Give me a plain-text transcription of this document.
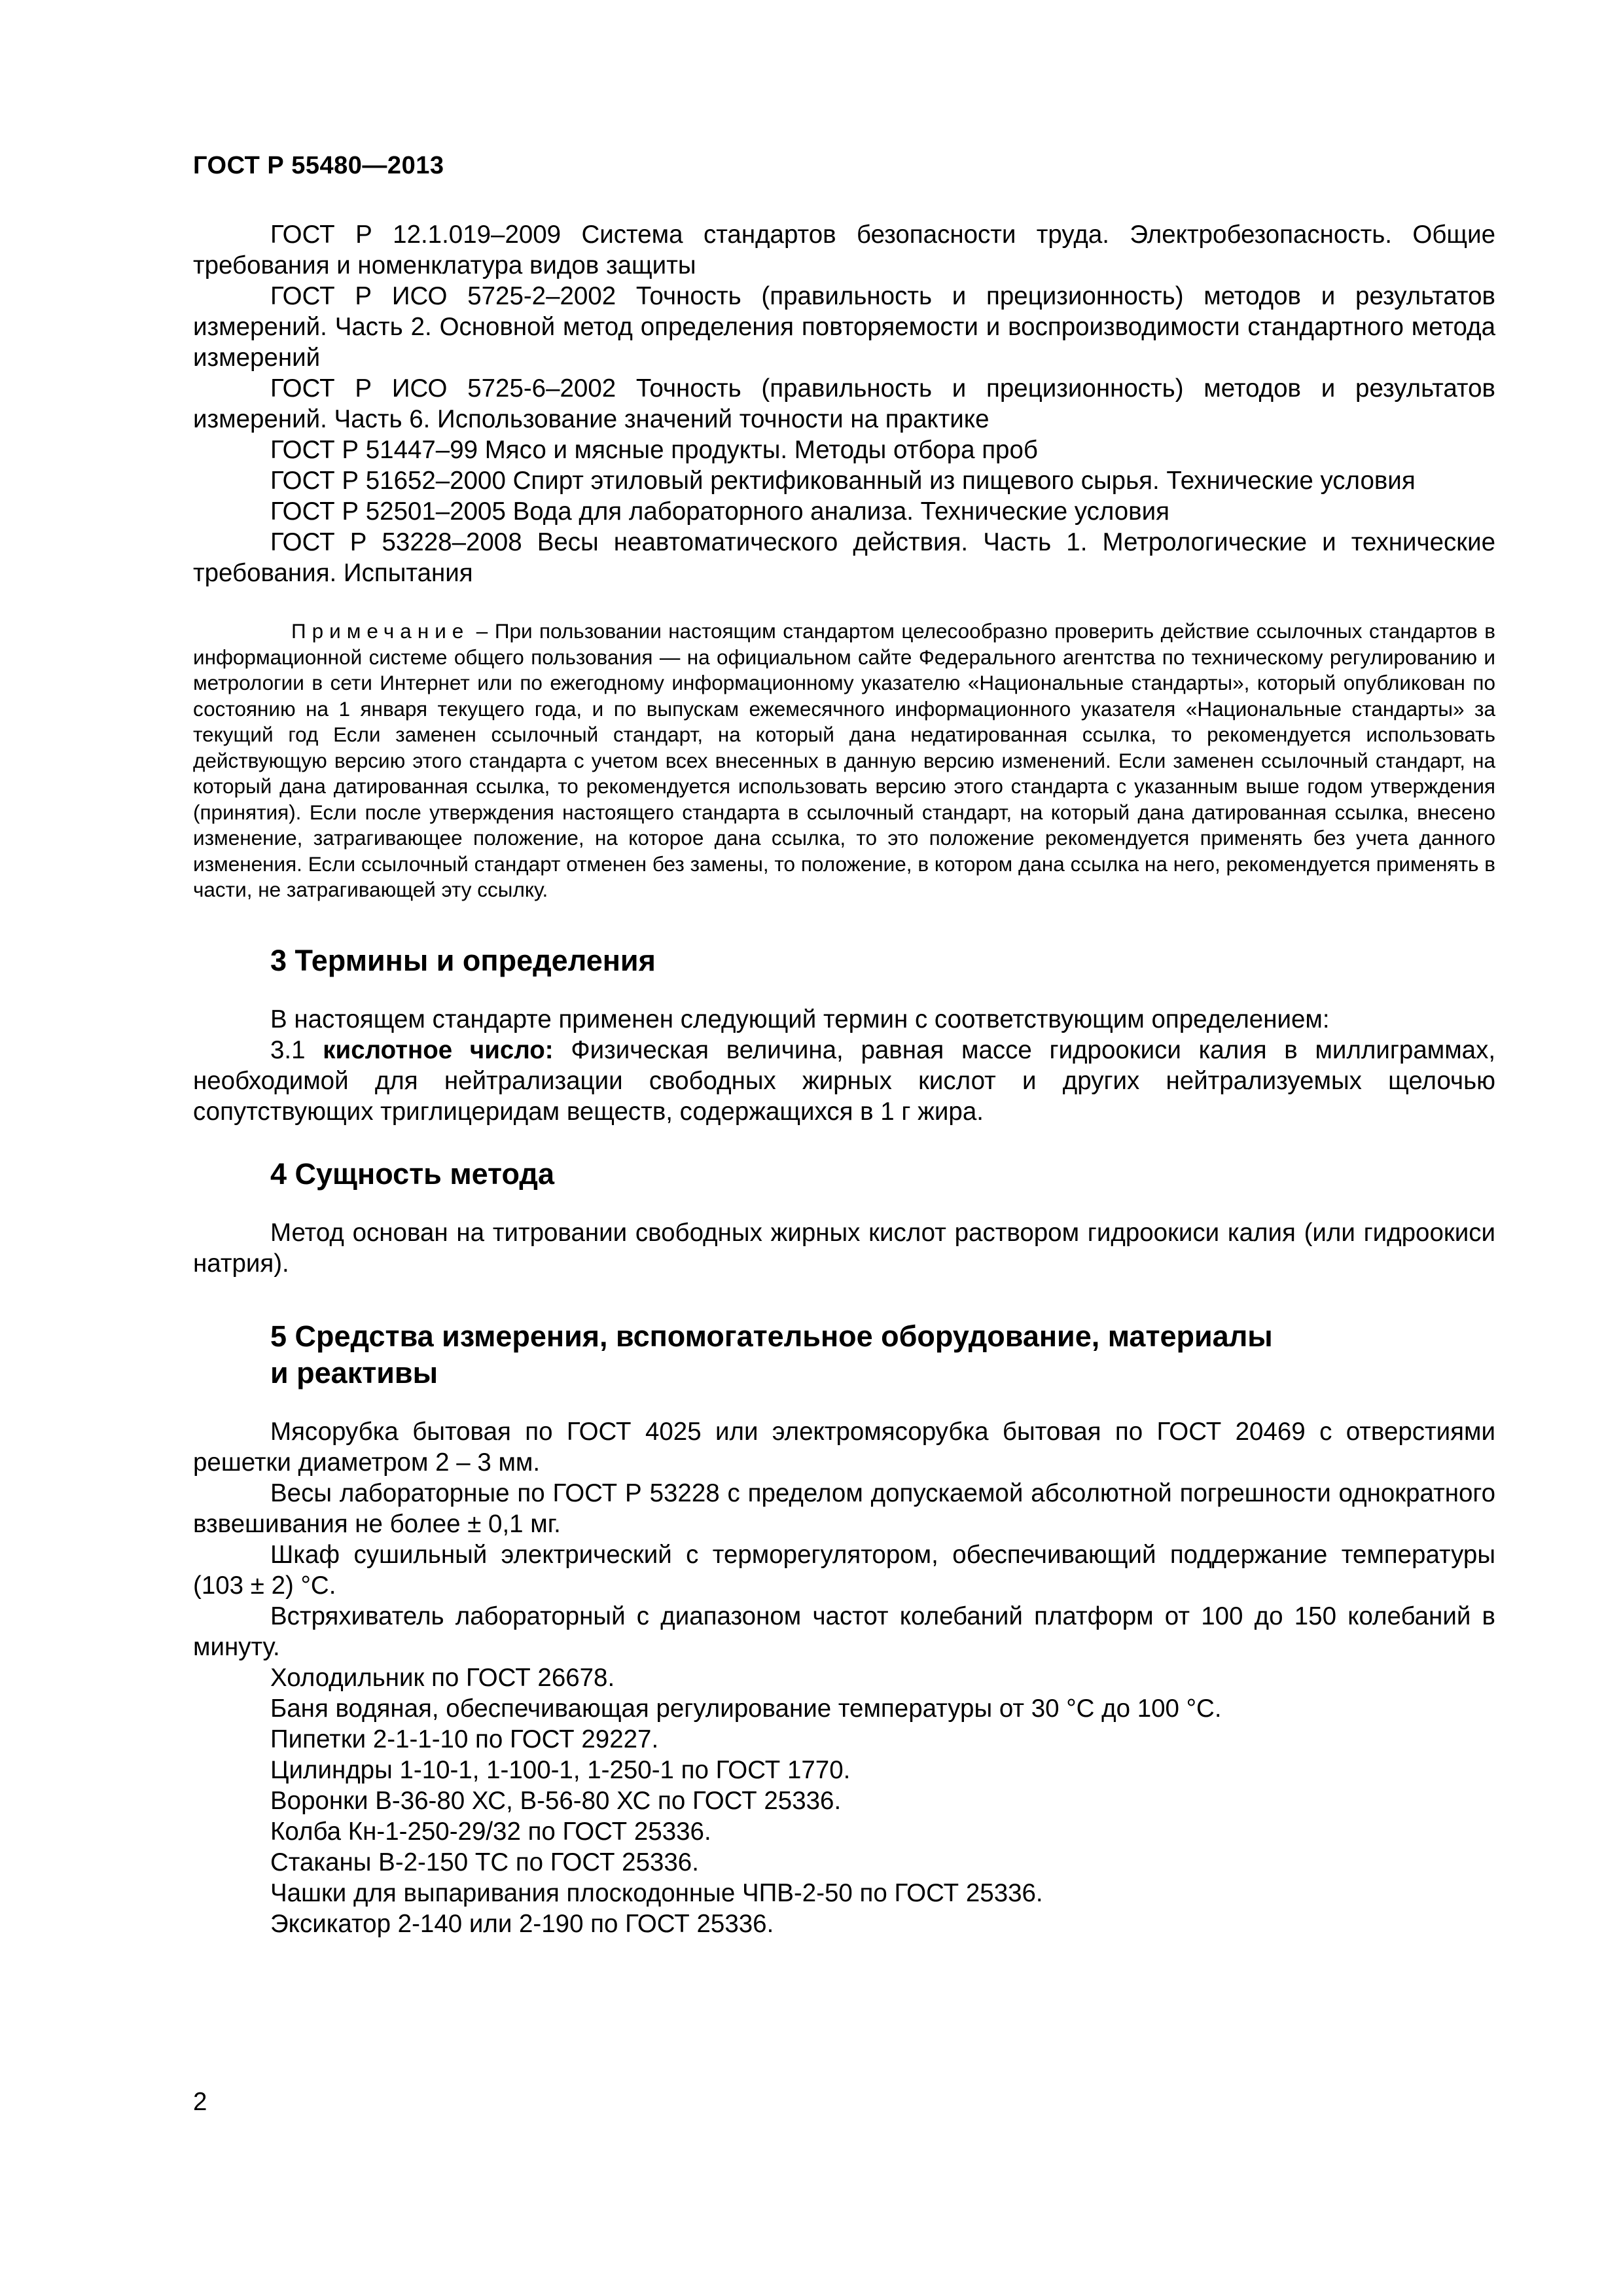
ГОСТ Р 55480—2013

ГОСТ Р 12.1.019–2009 Система стандартов безопасности труда. Электробезопасность. Общие требования и номенклатура видов защиты

ГОСТ Р ИСО 5725-2–2002 Точность (правильность и прецизионность) методов и результатов измерений. Часть 2. Основной метод определения повторяемости и воспроизводимости стандартного метода измерений

ГОСТ Р ИСО 5725-6–2002 Точность (правильность и прецизионность) методов и результатов измерений. Часть 6. Использование значений точности на практике

ГОСТ Р 51447–99 Мясо и мясные продукты. Методы отбора проб

ГОСТ Р 51652–2000 Спирт этиловый ректификованный из пищевого сырья. Технические условия

ГОСТ Р 52501–2005 Вода для лабораторного анализа. Технические условия

ГОСТ Р 53228–2008 Весы неавтоматического действия. Часть 1. Метрологические и технические требования. Испытания

Примечание – При пользовании настоящим стандартом целесообразно проверить действие ссылочных стандартов в информационной системе общего пользования — на официальном сайте Федерального агентства по техническому регулированию и метрологии в сети Интернет или по ежегодному информационному указателю «Национальные стандарты», который опубликован по состоянию на 1 января текущего года, и по выпускам ежемесячного информационного указателя «Национальные стандарты» за текущий год Если заменен ссылочный стандарт, на который дана недатированная ссылка, то рекомендуется использовать действующую версию этого стандарта с учетом всех внесенных в данную версию изменений. Если заменен ссылочный стандарт, на который дана датированная ссылка, то рекомендуется использовать версию этого стандарта с указанным выше годом утверждения (принятия). Если после утверждения настоящего стандарта в ссылочный стандарт, на который дана датированная ссылка, внесено изменение, затрагивающее положение, на которое дана ссылка, то это положение рекомендуется применять без учета данного изменения. Если ссылочный стандарт отменен без замены, то положение, в котором дана ссылка на него, рекомендуется применять в части, не затрагивающей эту ссылку.

3 Термины и определения

В настоящем стандарте применен следующий термин с соответствующим определением:

3.1 кислотное число: Физическая величина, равная массе гидроокиси калия в миллиграммах, необходимой для нейтрализации свободных жирных кислот и других нейтрализуемых щелочью сопутствующих триглицеридам веществ, содержащихся в 1 г жира.

4 Сущность метода

Метод основан на титровании свободных жирных кислот раствором гидроокиси калия (или гидроокиси натрия).

5 Средства измерения, вспомогательное оборудование, материалы
и реактивы

Мясорубка бытовая по ГОСТ 4025 или электромясорубка бытовая по ГОСТ 20469 с отверстиями решетки диаметром 2 – 3 мм.

Весы лабораторные по ГОСТ Р 53228 с пределом допускаемой абсолютной погрешности однократного взвешивания не более ± 0,1 мг.

Шкаф сушильный электрический с терморегулятором, обеспечивающий поддержание температуры (103 ± 2) °С.

Встряхиватель лабораторный с диапазоном частот колебаний платформ от 100 до 150 колебаний в минуту.

Холодильник по ГОСТ 26678.

Баня водяная, обеспечивающая регулирование температуры от 30 °С до 100 °С.

Пипетки 2-1-1-10 по ГОСТ 29227.

Цилиндры 1-10-1, 1-100-1, 1-250-1 по ГОСТ 1770.

Воронки В-36-80 ХС, В-56-80 ХС по ГОСТ 25336.

Колба Кн-1-250-29/32 по ГОСТ 25336.

Стаканы В-2-150 ТС по ГОСТ 25336.

Чашки для выпаривания плоскодонные ЧПВ-2-50 по ГОСТ 25336.

Эксикатор 2-140 или 2-190 по ГОСТ 25336.

2
